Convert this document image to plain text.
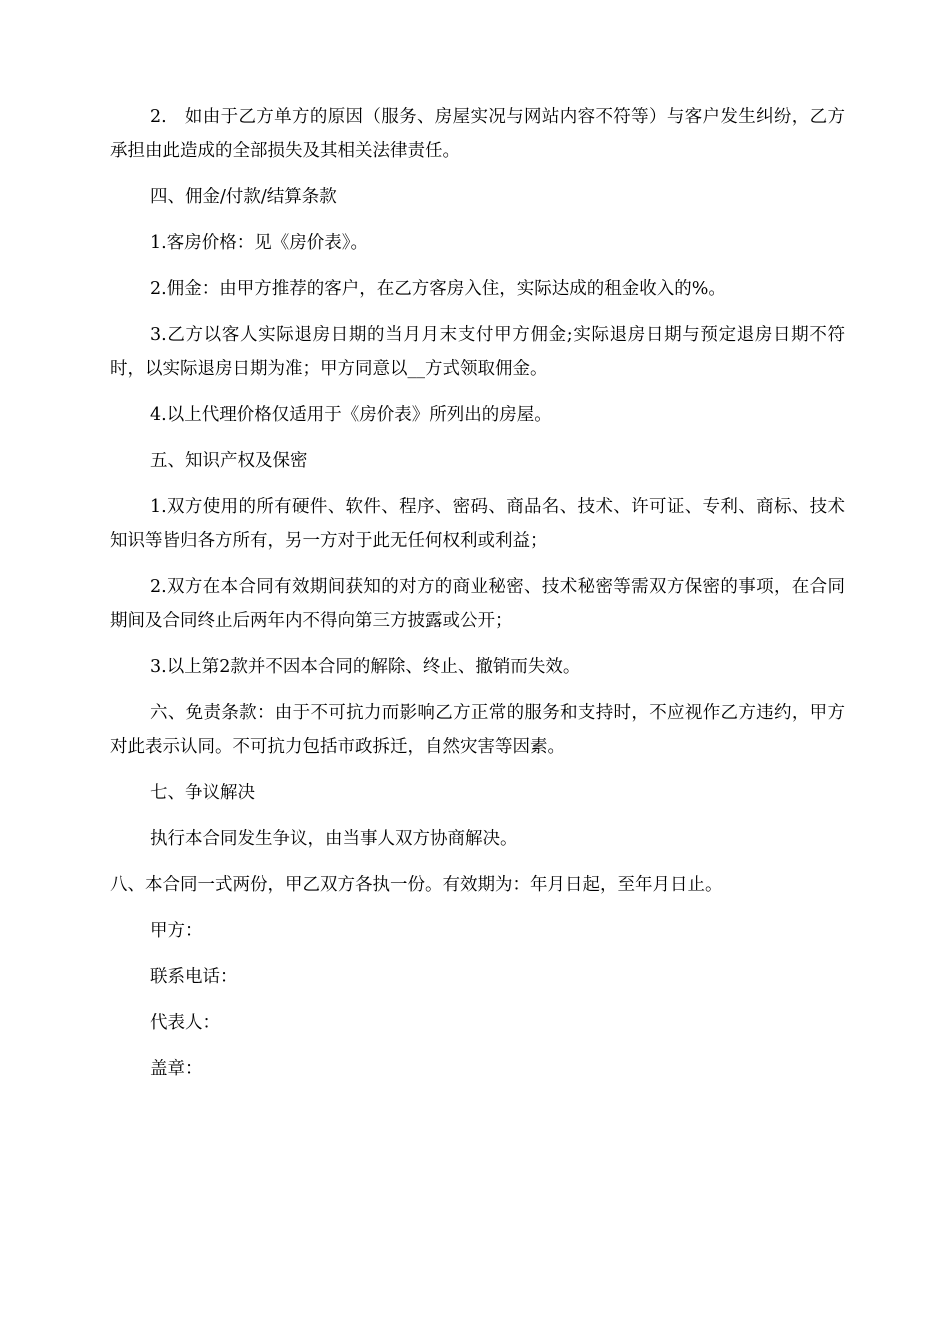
2.　如由于乙方单方的原因（服务、房屋实况与网站内容不符等）与客户发生纠纷，乙方承担由此造成的全部损失及其相关法律责任。

四、佣金/付款/结算条款

1.客房价格：见《房价表》。

2.佣金：由甲方推荐的客户，在乙方客房入住，实际达成的租金收入的%。

3.乙方以客人实际退房日期的当月月末支付甲方佣金;实际退房日期与预定退房日期不符时，以实际退房日期为准；甲方同意以__方式领取佣金。

4.以上代理价格仅适用于《房价表》所列出的房屋。

五、知识产权及保密

1.双方使用的所有硬件、软件、程序、密码、商品名、技术、许可证、专利、商标、技术知识等皆归各方所有，另一方对于此无任何权利或利益；

2.双方在本合同有效期间获知的对方的商业秘密、技术秘密等需双方保密的事项，在合同期间及合同终止后两年内不得向第三方披露或公开；

3.以上第2款并不因本合同的解除、终止、撤销而失效。

六、免责条款：由于不可抗力而影响乙方正常的服务和支持时，不应视作乙方违约，甲方对此表示认同。不可抗力包括市政拆迁，自然灾害等因素。

七、争议解决

执行本合同发生争议，由当事人双方协商解决。

八、本合同一式两份，甲乙双方各执一份。有效期为：年月日起，至年月日止。

甲方：

联系电话：

代表人：

盖章：
